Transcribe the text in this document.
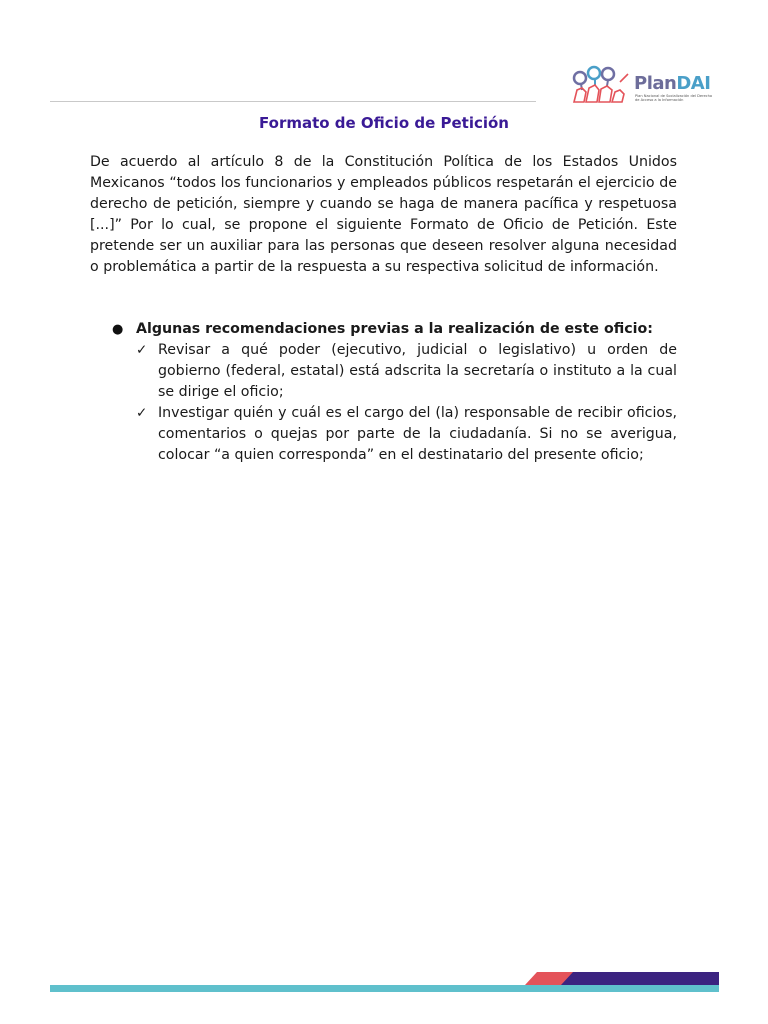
PlanDAI
Plan Nacional de Socialización del Derecho de Acceso a la Información
Formato de Oficio de Petición

De acuerdo al artículo 8 de la Constitución Política de los Estados Unidos Mexicanos “todos los funcionarios y empleados públicos respetarán el ejercicio de derecho de petición, siempre y cuando se haga de manera pacífica y respetuosa [...]” Por lo cual, se propone el siguiente Formato de Oficio de Petición. Este pretende ser un auxiliar para las personas que deseen resolver alguna necesidad o problemática a partir de la respuesta a su respectiva solicitud de información.

● Algunas recomendaciones previas a la realización de este oficio:

✓ Revisar a qué poder (ejecutivo, judicial o legislativo) u orden de gobierno (federal, estatal) está adscrita la secretaría o instituto a la cual se dirige el oficio;
✓ Investigar quién y cuál es el cargo del (la) responsable de recibir oficios, comentarios o quejas por parte de la ciudadanía. Si no se averigua, colocar “a quien corresponda” en el destinatario del presente oficio;
